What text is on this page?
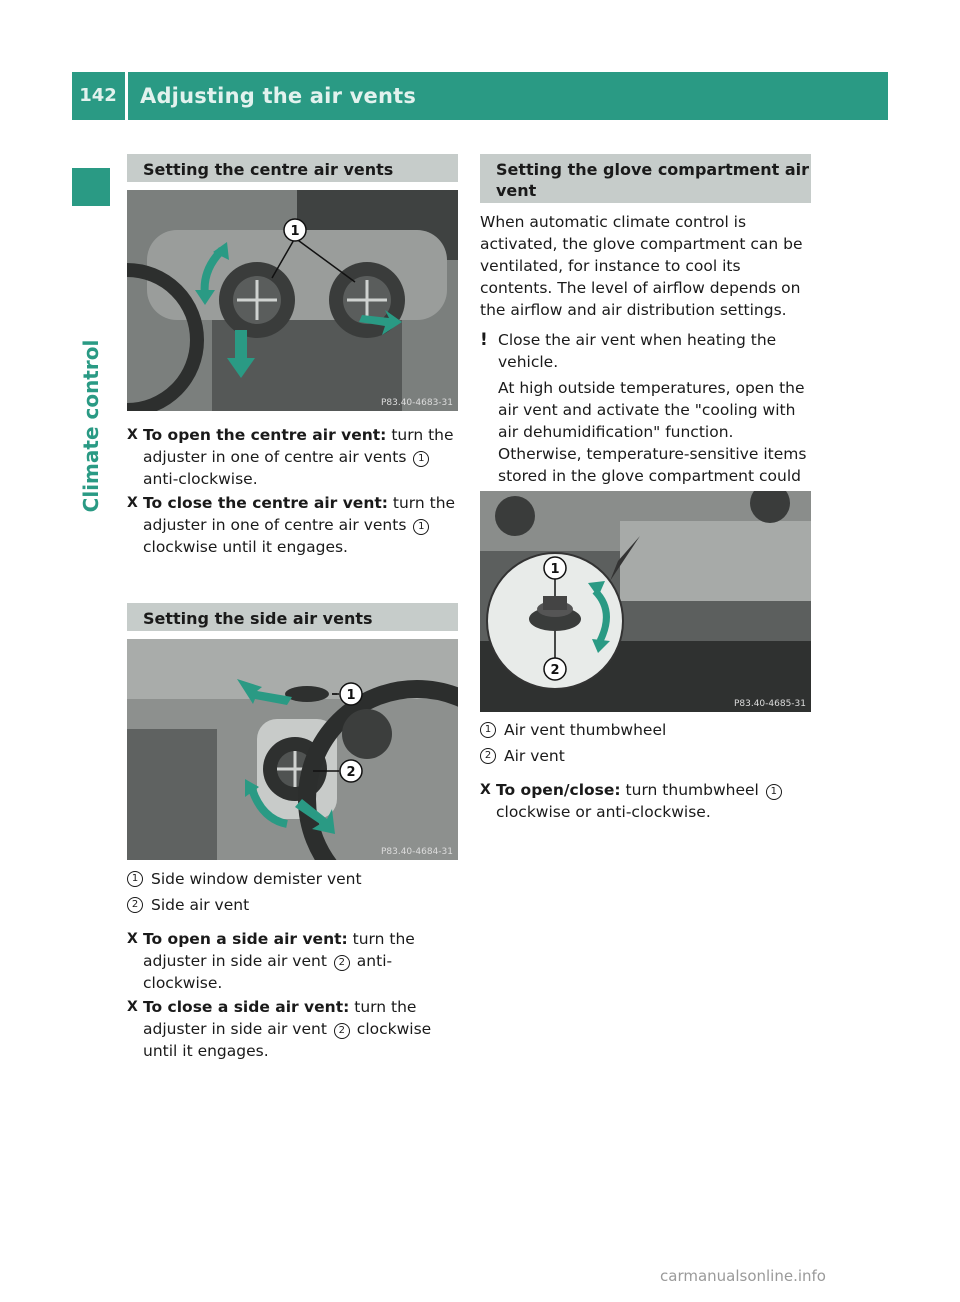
142	Adjusting the air vents
Climate control
Setting the centre air vents
1
P83.40-4683-31
X To open the centre air vent: turn the adjuster in one of centre air vents 1 anti-clockwise.
X To close the centre air vent: turn the adjuster in one of centre air vents 1 clockwise until it engages.
Setting the side air vents
1
2
P83.40-4684-31
1 Side window demister vent
2 Side air vent
X To open a side air vent: turn the adjuster in side air vent 2 anti-clockwise.
X To close a side air vent: turn the adjuster in side air vent 2 clockwise until it engages.
Setting the glove compartment air vent

When automatic climate control is activated, the glove compartment can be ventilated, for instance to cool its contents. The level of airflow depends on the airflow and air distribution settings.

! Close the air vent when heating the vehicle.

At high outside temperatures, open the air vent and activate the "cooling with air dehumidification" function. Otherwise, temperature-sensitive items stored in the glove compartment could

1
2
P83.40-4685-31
1 Air vent thumbwheel
2 Air vent
X To open/close: turn thumbwheel 1 clockwise or anti-clockwise.
carmanualsonline.info
